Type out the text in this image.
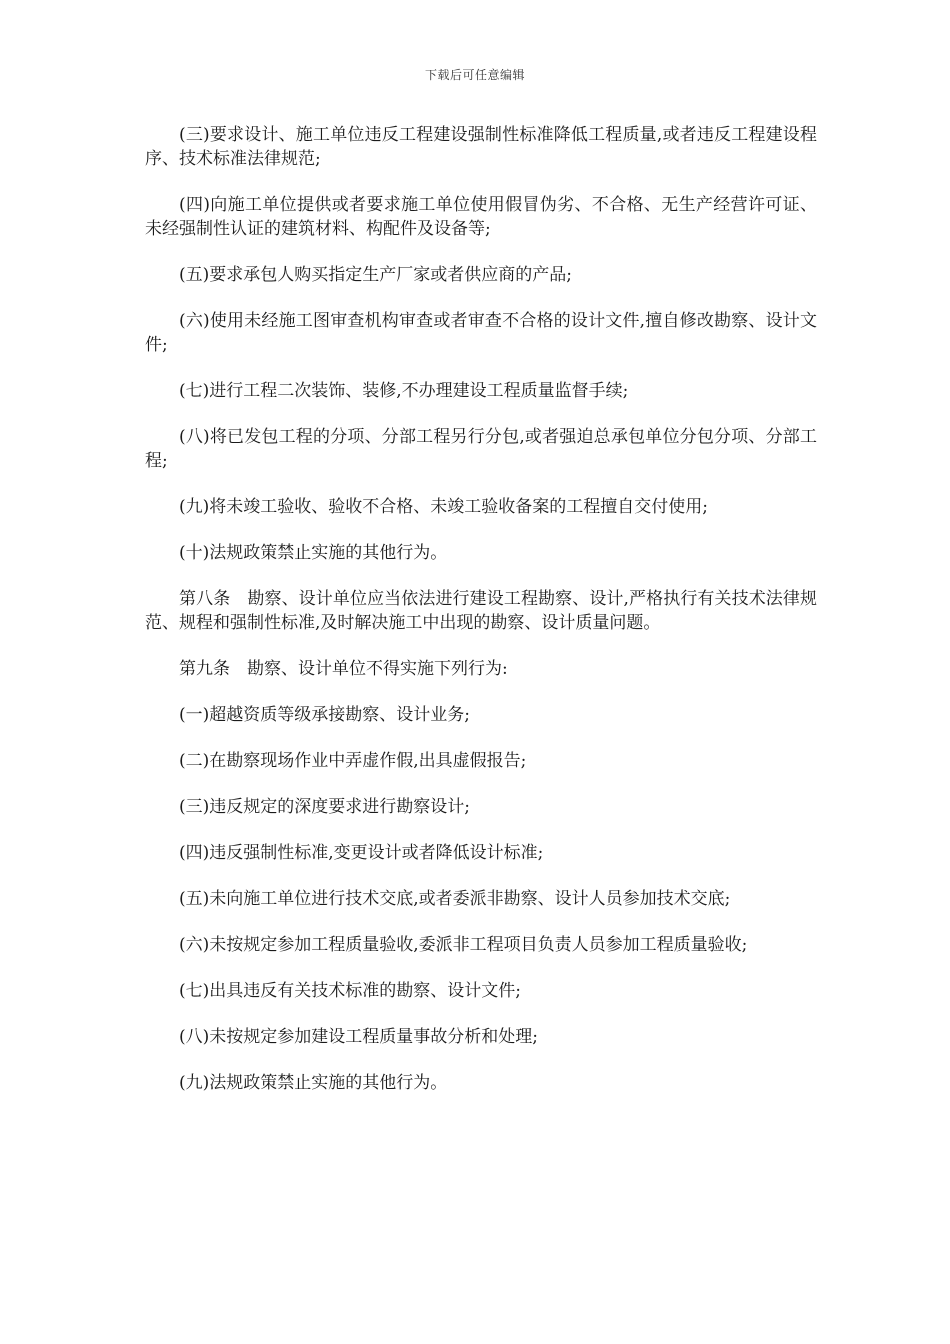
下载后可任意编辑

(三)要求设计、施工单位违反工程建设强制性标准降低工程质量,或者违反工程建设程序、技术标准法律规范;

(四)向施工单位提供或者要求施工单位使用假冒伪劣、不合格、无生产经营许可证、未经强制性认证的建筑材料、构配件及设备等;

(五)要求承包人购买指定生产厂家或者供应商的产品;

(六)使用未经施工图审查机构审查或者审查不合格的设计文件,擅自修改勘察、设计文件;

(七)进行工程二次装饰、装修,不办理建设工程质量监督手续;

(八)将已发包工程的分项、分部工程另行分包,或者强迫总承包单位分包分项、分部工程;

(九)将未竣工验收、验收不合格、未竣工验收备案的工程擅自交付使用;

(十)法规政策禁止实施的其他行为。

第八条　勘察、设计单位应当依法进行建设工程勘察、设计,严格执行有关技术法律规范、规程和强制性标准,及时解决施工中出现的勘察、设计质量问题。

第九条　勘察、设计单位不得实施下列行为:

(一)超越资质等级承接勘察、设计业务;

(二)在勘察现场作业中弄虚作假,出具虚假报告;

(三)违反规定的深度要求进行勘察设计;

(四)违反强制性标准,变更设计或者降低设计标准;

(五)未向施工单位进行技术交底,或者委派非勘察、设计人员参加技术交底;

(六)未按规定参加工程质量验收,委派非工程项目负责人员参加工程质量验收;

(七)出具违反有关技术标准的勘察、设计文件;

(八)未按规定参加建设工程质量事故分析和处理;

(九)法规政策禁止实施的其他行为。
